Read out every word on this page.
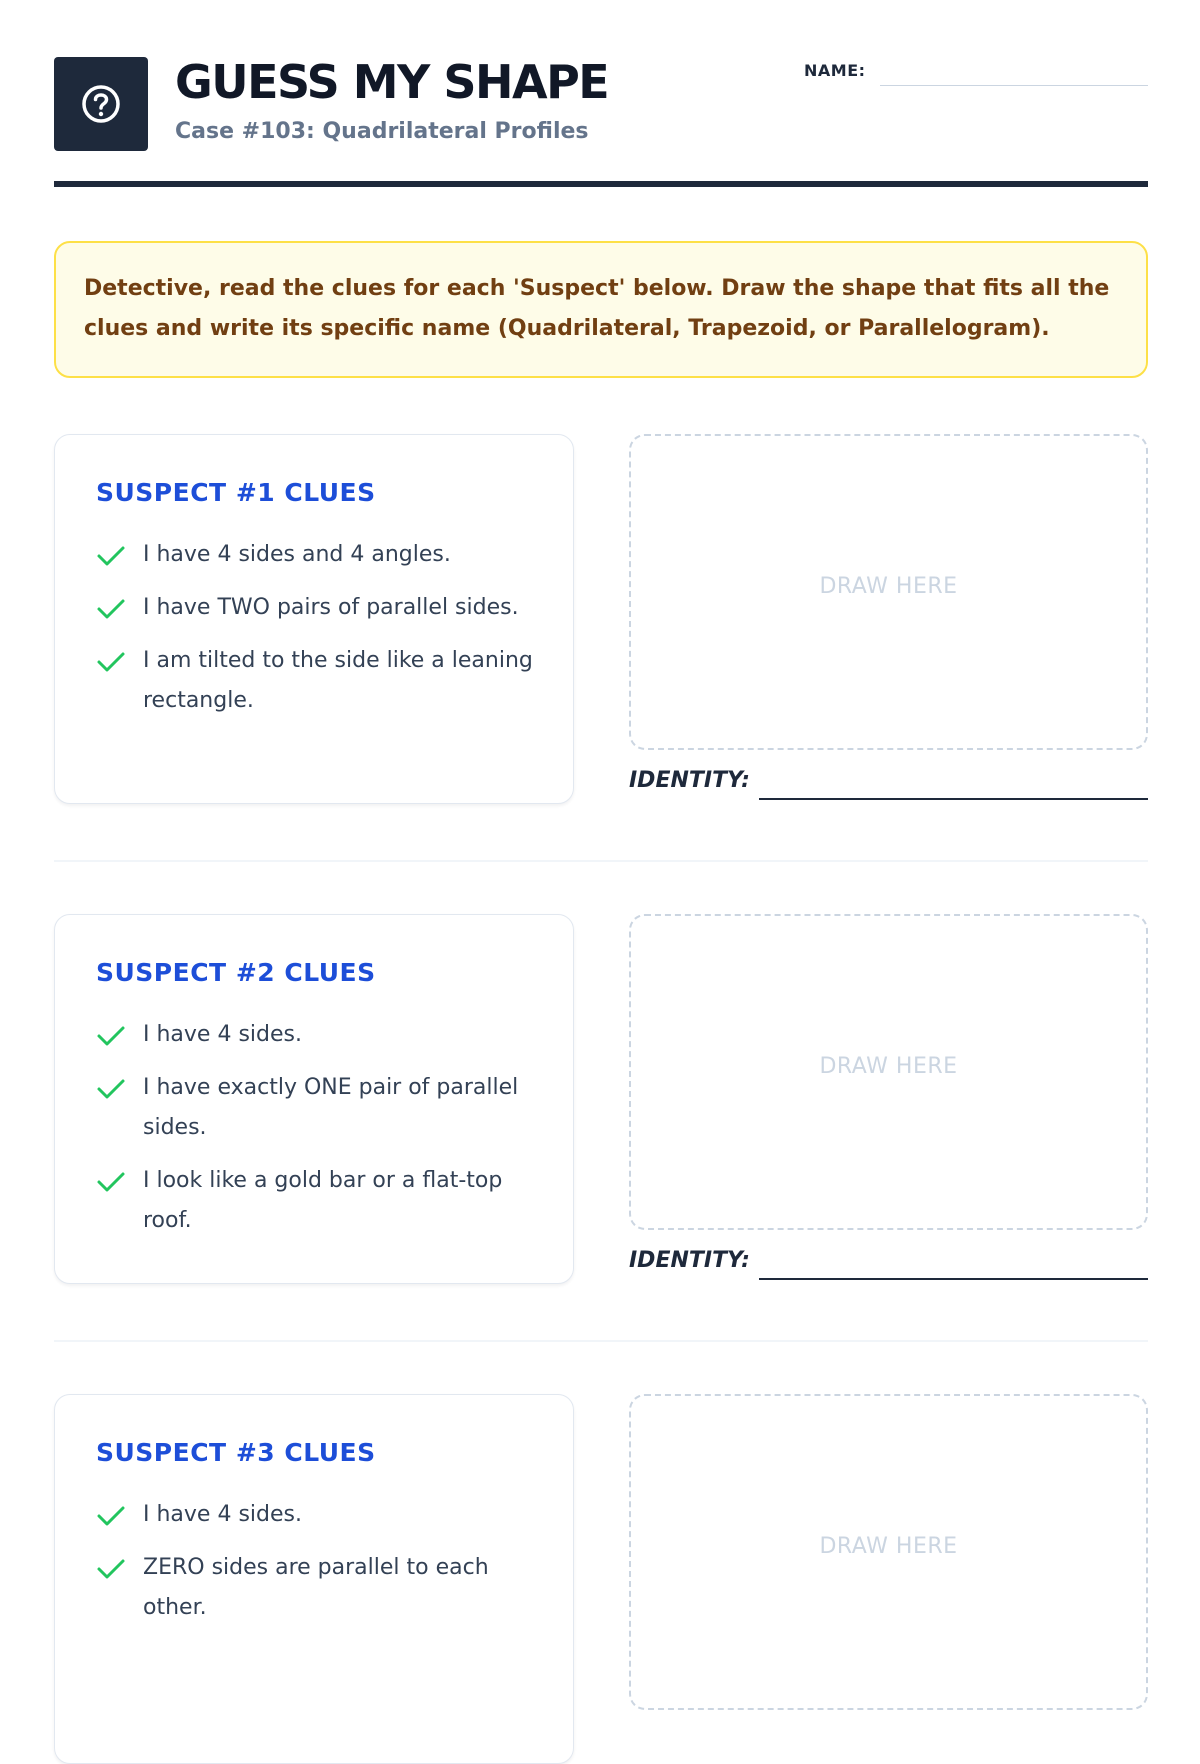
GUESS MY SHAPE
Case #103: Quadrilateral Profiles
NAME:

Detective, read the clues for each 'Suspect' below. Draw the shape that fits all the clues and write its specific name (Quadrilateral, Trapezoid, or Parallelogram).

SUSPECT #1 CLUES
I have 4 sides and 4 angles.
I have TWO pairs of parallel sides.
I am tilted to the side like a leaning rectangle.
DRAW HERE
IDENTITY:
SUSPECT #2 CLUES
I have 4 sides.
I have exactly ONE pair of parallel sides.
I look like a gold bar or a flat-top roof.
DRAW HERE
IDENTITY:
SUSPECT #3 CLUES
I have 4 sides.
ZERO sides are parallel to each other.
DRAW HERE
